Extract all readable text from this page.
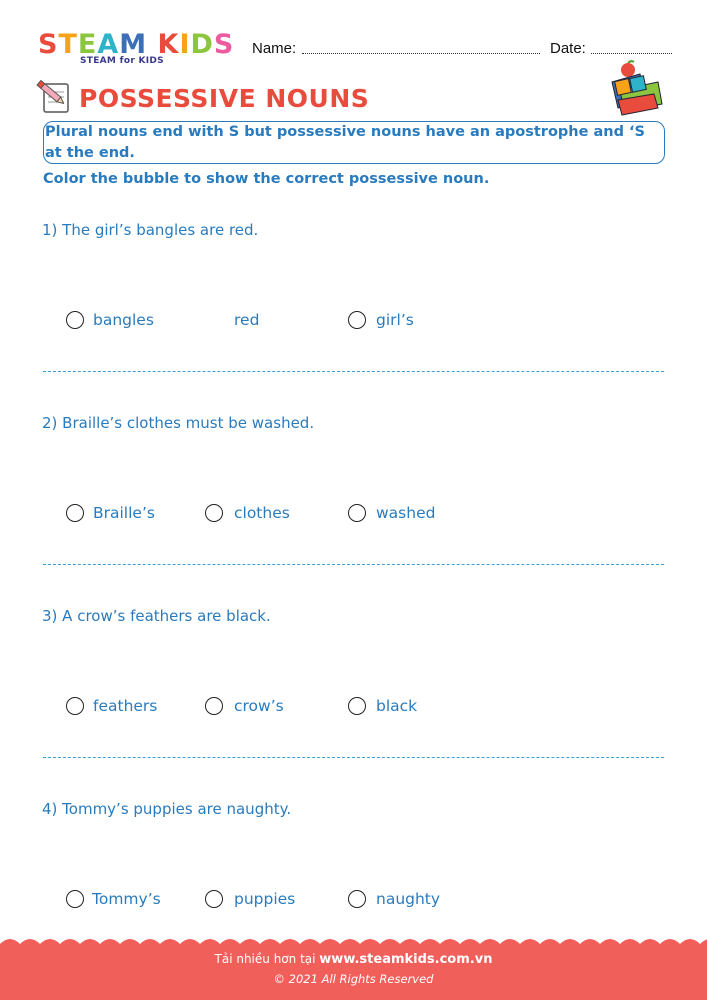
STEAM KIDS
STEAM for KIDS
Name:	Date:
POSSESSIVE NOUNS
Plural nouns end with S but possessive nouns have an apostrophe and ‘S at the end.
Color the bubble to show the correct possessive noun.
1) The girl’s bangles are red.
bangles	red	girl’s
2) Braille’s clothes must be washed.
Braille’s	clothes	washed
3) A crow’s feathers are black.
feathers	crow’s	black
4) Tommy’s puppies are naughty.
Tommy’s	puppies	naughty
Tải nhiều hơn tại www.steamkids.com.vn
© 2021 All Rights Reserved
